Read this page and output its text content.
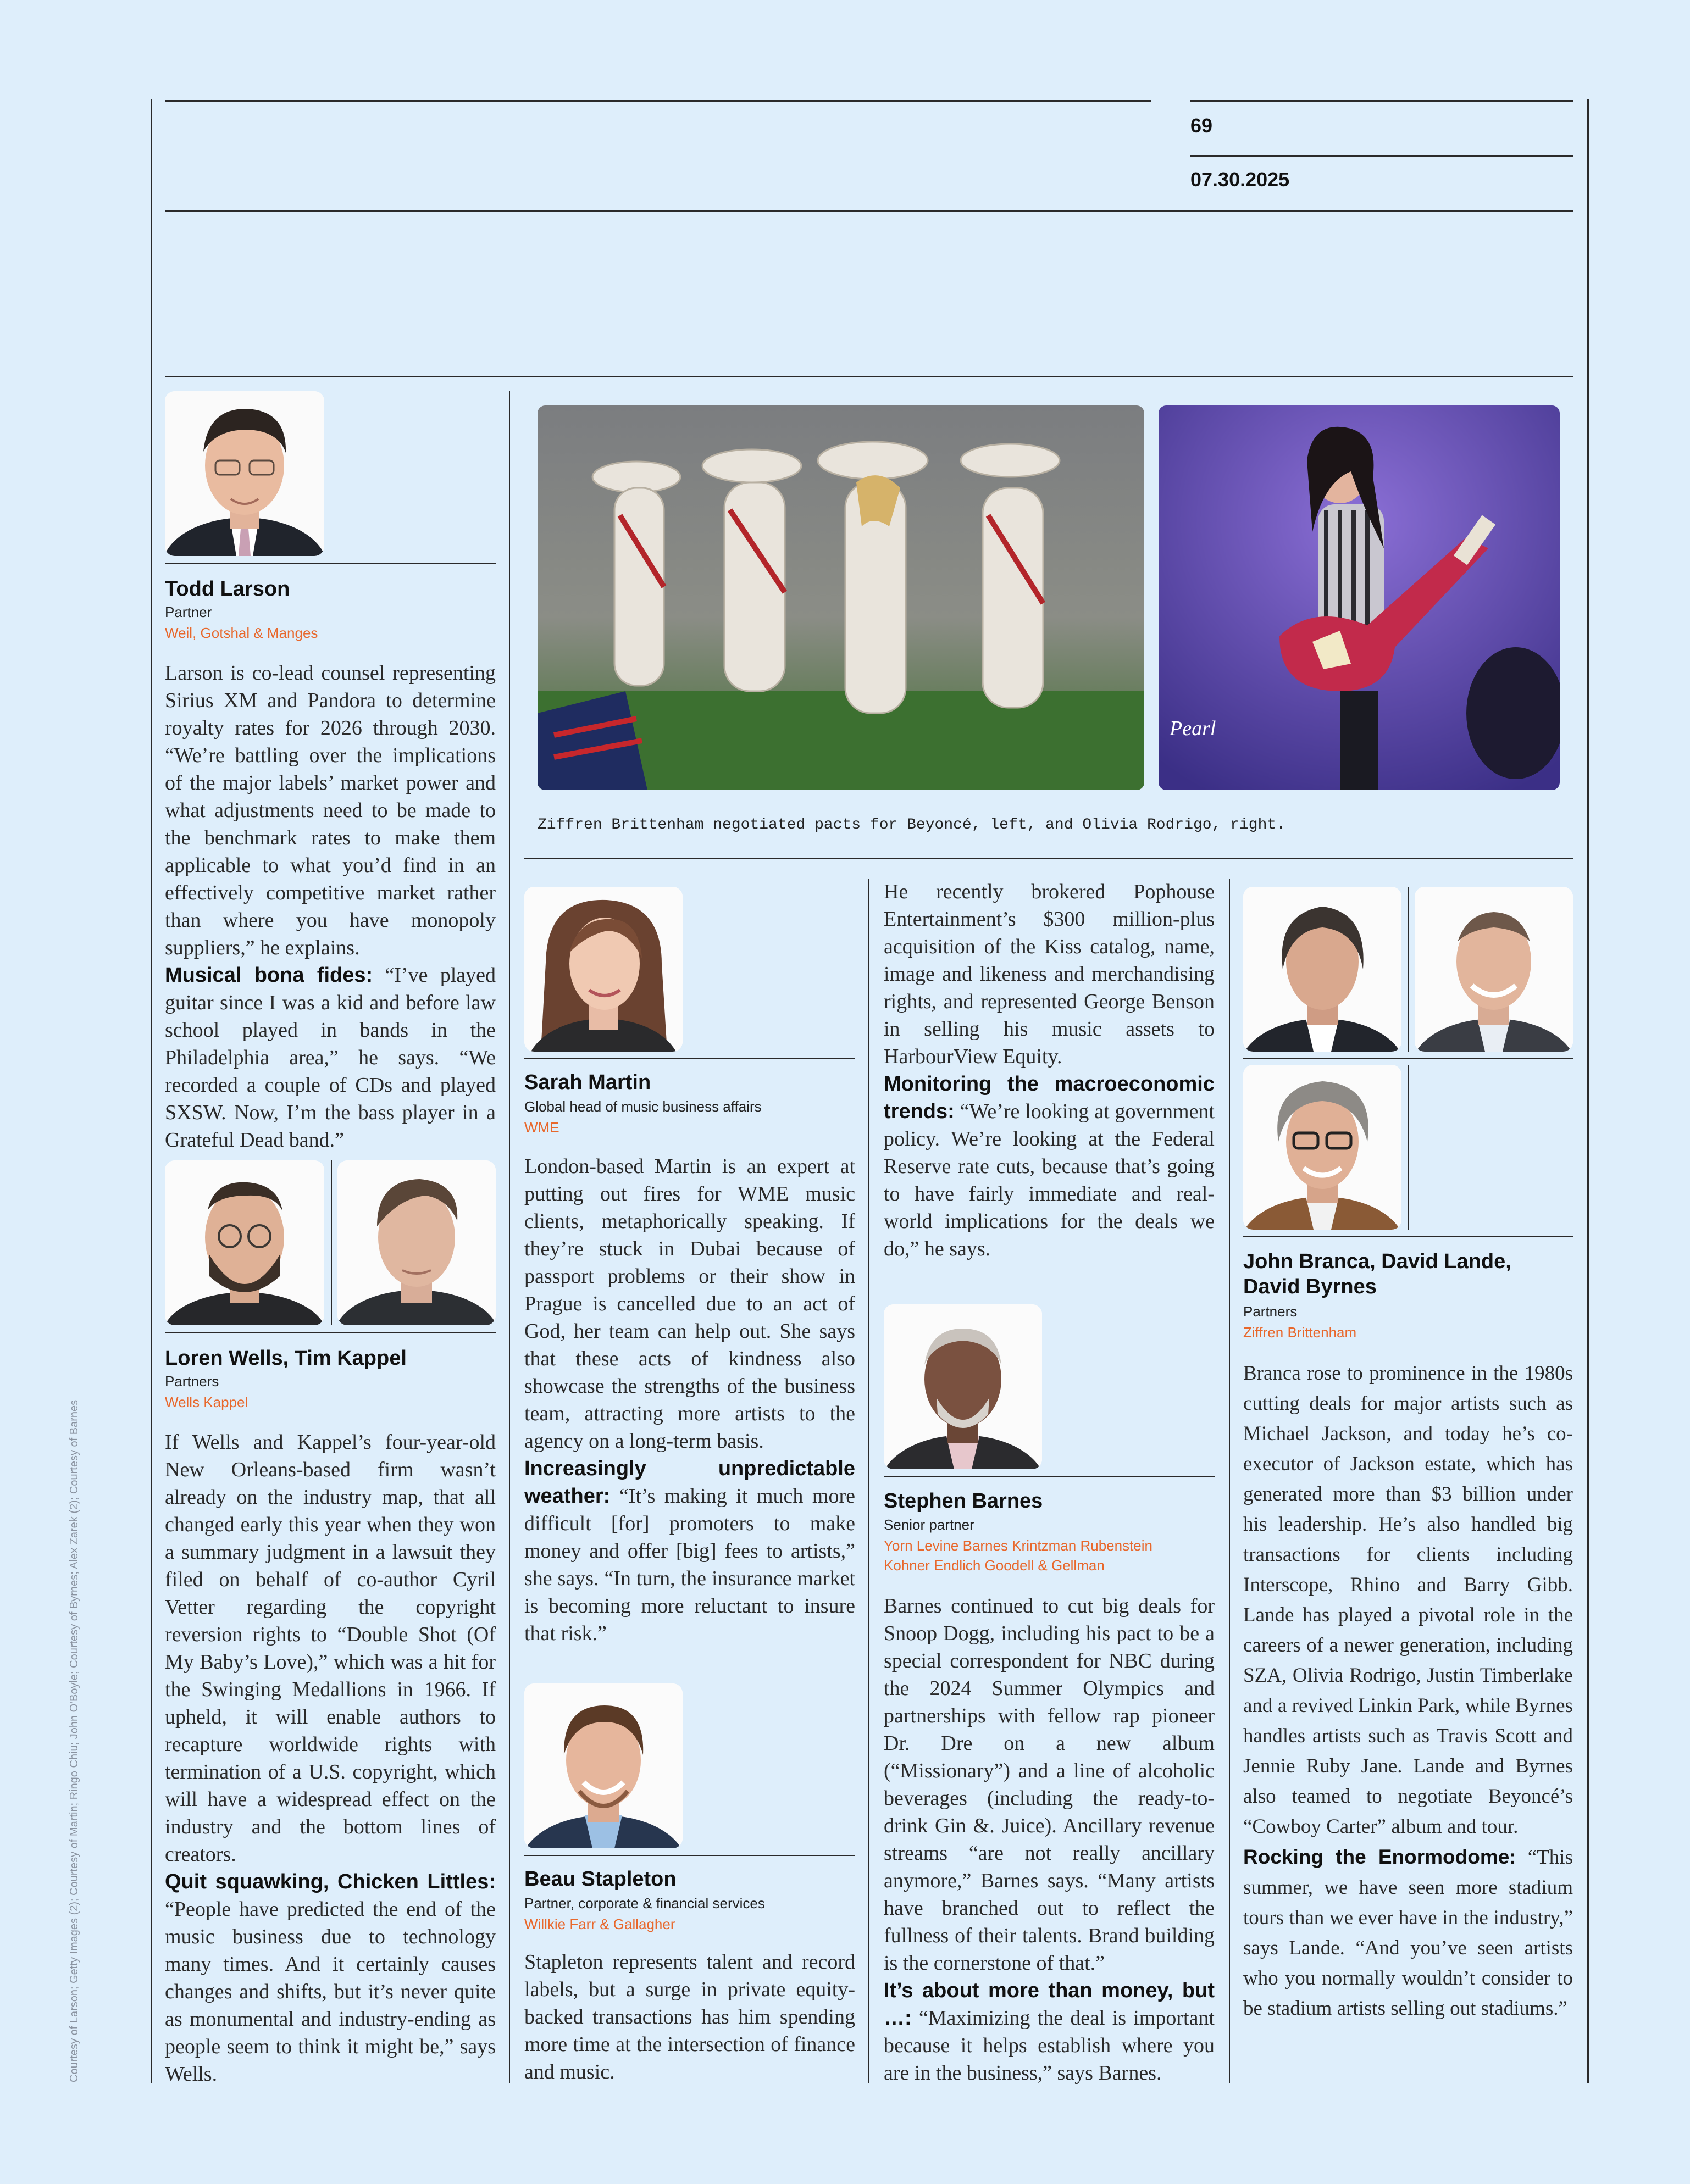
69
07.30.2025
Courtesy of Larson; Getty Images (2); Courtesy of Martin; Ringo Chiu; John O'Boyle; Courtesy of Byrnes; Alex Zarek (2); Courtesy of Barnes
Todd Larson
Partner
Weil, Gotshal & Manges

Larson is co-lead counsel representing Sirius XM and Pandora to determine royalty rates for 2026 through 2030. “We’re battling over the implications of the major labels’ market power and what adjustments need to be made to the benchmark rates to make them applicable to what you’d find in an effectively competitive market rather than where you have monopoly suppliers,” he explains.
Musical bona fides: “I’ve played guitar since I was a kid and before law school played in bands in the Philadelphia area,” he says. “We recorded a couple of CDs and played SXSW. Now, I’m the bass player in a Grateful Dead band.”

Loren Wells, Tim Kappel
Partners
Wells Kappel

If Wells and Kappel’s four-year-old New Orleans-based firm wasn’t already on the industry map, that all changed early this year when they won a summary judgment in a lawsuit they filed on behalf of co-author Cyril Vetter regarding the copyright reversion rights to “Double Shot (Of My Baby’s Love),” which was a hit for the Swinging Medallions in 1966. If upheld, it will enable authors to recapture worldwide rights with termination of a U.S. copyright, which will have a widespread effect on the industry and the bottom lines of creators.
Quit squawking, Chicken Littles: “People have predicted the end of the music business due to technology many times. And it certainly causes changes and shifts, but it’s never quite as monumental and industry-ending as people seem to think it might be,” says Wells.

Pearl
Ziffren Brittenham negotiated pacts for Beyoncé, left, and Olivia Rodrigo, right.
Sarah Martin
Global head of music business affairs
WME

London-based Martin is an expert at putting out fires for WME music clients, metaphorically speaking. If they’re stuck in Dubai because of passport problems or their show in Prague is cancelled due to an act of God, her team can help out. She says that these acts of kindness also showcase the strengths of the business team, attracting more artists to the agency on a long-term basis.
Increasingly unpredictable weather: “It’s making it much more difficult [for] promoters to make money and offer [big] fees to artists,” she says. “In turn, the insurance market is becoming more reluctant to insure that risk.”

Beau Stapleton
Partner, corporate & financial services
Willkie Farr & Gallagher

Stapleton represents talent and record labels, but a surge in private equity-backed transactions has him spending more time at the intersection of finance and music.

He recently brokered Pophouse Entertainment’s $300 million-plus acquisition of the Kiss catalog, name, image and likeness and merchandising rights, and represented George Benson in selling his music assets to HarbourView Equity.
Monitoring the macroeconomic trends: “We’re looking at government policy. We’re looking at the Federal Reserve rate cuts, because that’s going to have fairly immediate and real-world implications for the deals we do,” he says.

Stephen Barnes
Senior partner
Yorn Levine Barnes Krintzman Rubenstein
Kohner Endlich Goodell & Gellman

Barnes continued to cut big deals for Snoop Dogg, including his pact to be a special correspondent for NBC during the 2024 Summer Olympics and partnerships with fellow rap pioneer Dr. Dre on a new album (“Missionary”) and a line of alcoholic beverages (including the ready-to-drink Gin &. Juice). Ancillary revenue streams “are not really ancillary anymore,” Barnes says. “Many artists have branched out to reflect the fullness of their talents. Brand building is the cornerstone of that.”
It’s about more than money, but …: “Maximizing the deal is important because it helps establish where you are in the business,” says Barnes.

John Branca, David Lande,
David Byrnes
Partners
Ziffren Brittenham

Branca rose to prominence in the 1980s cutting deals for major artists such as Michael Jackson, and today he’s co-executor of Jackson estate, which has generated more than $3 billion under his leadership. He’s also handled big transactions for clients including Interscope, Rhino and Barry Gibb. Lande has played a pivotal role in the careers of a newer generation, including SZA, Olivia Rodrigo, Justin Timberlake and a revived Linkin Park, while Byrnes handles artists such as Travis Scott and Jennie Ruby Jane. Lande and Byrnes also teamed to negotiate Beyoncé’s “Cowboy Carter” album and tour.
Rocking the Enormodome: “This summer, we have seen more stadium tours than we ever have in the industry,” says Lande. “And you’ve seen artists who you normally wouldn’t consider to be stadium artists selling out stadiums.”
